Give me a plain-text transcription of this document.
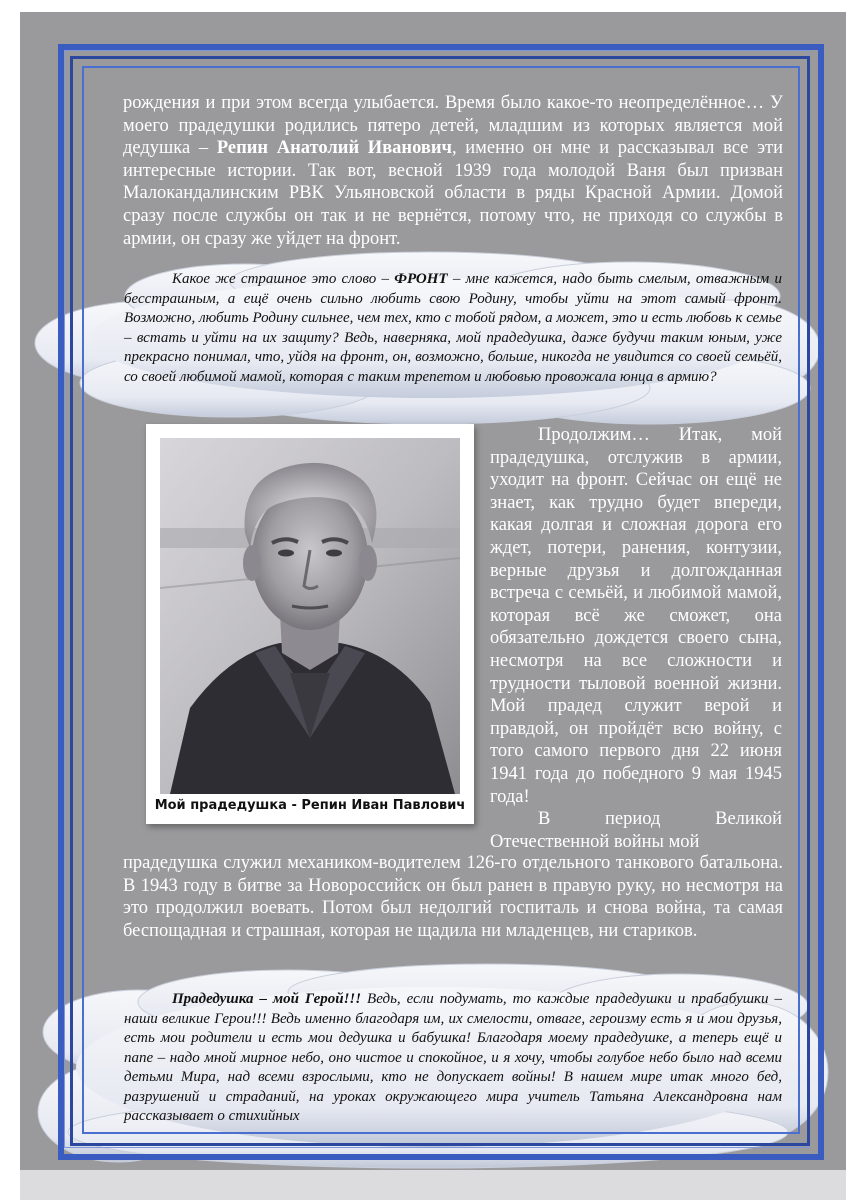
рождения и при этом всегда улыбается. Время было какое-то неопределённое… У моего прадедушки родились пятеро детей, младшим из которых является мой дедушка – Репин Анатолий Иванович, именно он мне и рассказывал все эти интересные истории. Так вот, весной 1939 года молодой Ваня был призван Малокандалинским РВК Ульяновской области в ряды Красной Армии. Домой сразу после службы он так и не вернётся, потому что, не приходя со службы в армии, он сразу же уйдет на фронт.
Какое же страшное это слово – ФРОНТ – мне кажется, надо быть смелым, отважным и бесстрашным, а ещё очень сильно любить свою Родину, чтобы уйти на этот самый фронт. Возможно, любить Родину сильнее, чем тех, кто с тобой рядом, а может, это и есть любовь к семье – встать и уйти на их защиту? Ведь, наверняка, мой прадедушка, даже будучи таким юным, уже прекрасно понимал, что, уйдя на фронт, он, возможно, больше, никогда не увидится со своей семьёй, со своей любимой мамой, которая с таким трепетом и любовью провожала юнца в армию?
Мой прадедушка - Репин Иван Павлович
Продолжим… Итак, мой прадедушка, отслужив в армии, уходит на фронт. Сейчас он ещё не знает, как трудно будет впереди, какая долгая и сложная дорога его ждет, потери, ранения, контузии, верные друзья и долгожданная встреча с семьёй, и любимой мамой, которая всё же сможет, она обязательно дождется своего сына, несмотря на все сложности и трудности тыловой военной жизни. Мой прадед служит верой и правдой, он пройдёт всю войну, с того самого первого дня 22 июня 1941 года до победного 9 мая 1945 года!
В период Великой Отечественной войны мой
прадедушка служил механиком-водителем 126-го отдельного танкового батальона. В 1943 году в битве за Новороссийск он был ранен в правую руку, но несмотря на это продолжил воевать. Потом был недолгий госпиталь и снова война, та самая беспощадная и страшная, которая не щадила ни младенцев, ни стариков.
Прадедушка – мой Герой!!! Ведь, если подумать, то каждые прадедушки и прабабушки – наши великие Герои!!! Ведь именно благодаря им, их смелости, отваге, героизму есть я и мои друзья, есть мои родители и есть мои дедушка и бабушка! Благодаря моему прадедушке, а теперь ещё и папе – надо мной мирное небо, оно чистое и спокойное, и я хочу, чтобы голубое небо было над всеми детьми Мира, над всеми взрослыми, кто не допускает войны! В нашем мире итак много бед, разрушений и страданий, на уроках окружающего мира учитель Татьяна Александровна нам рассказывает о стихийных
